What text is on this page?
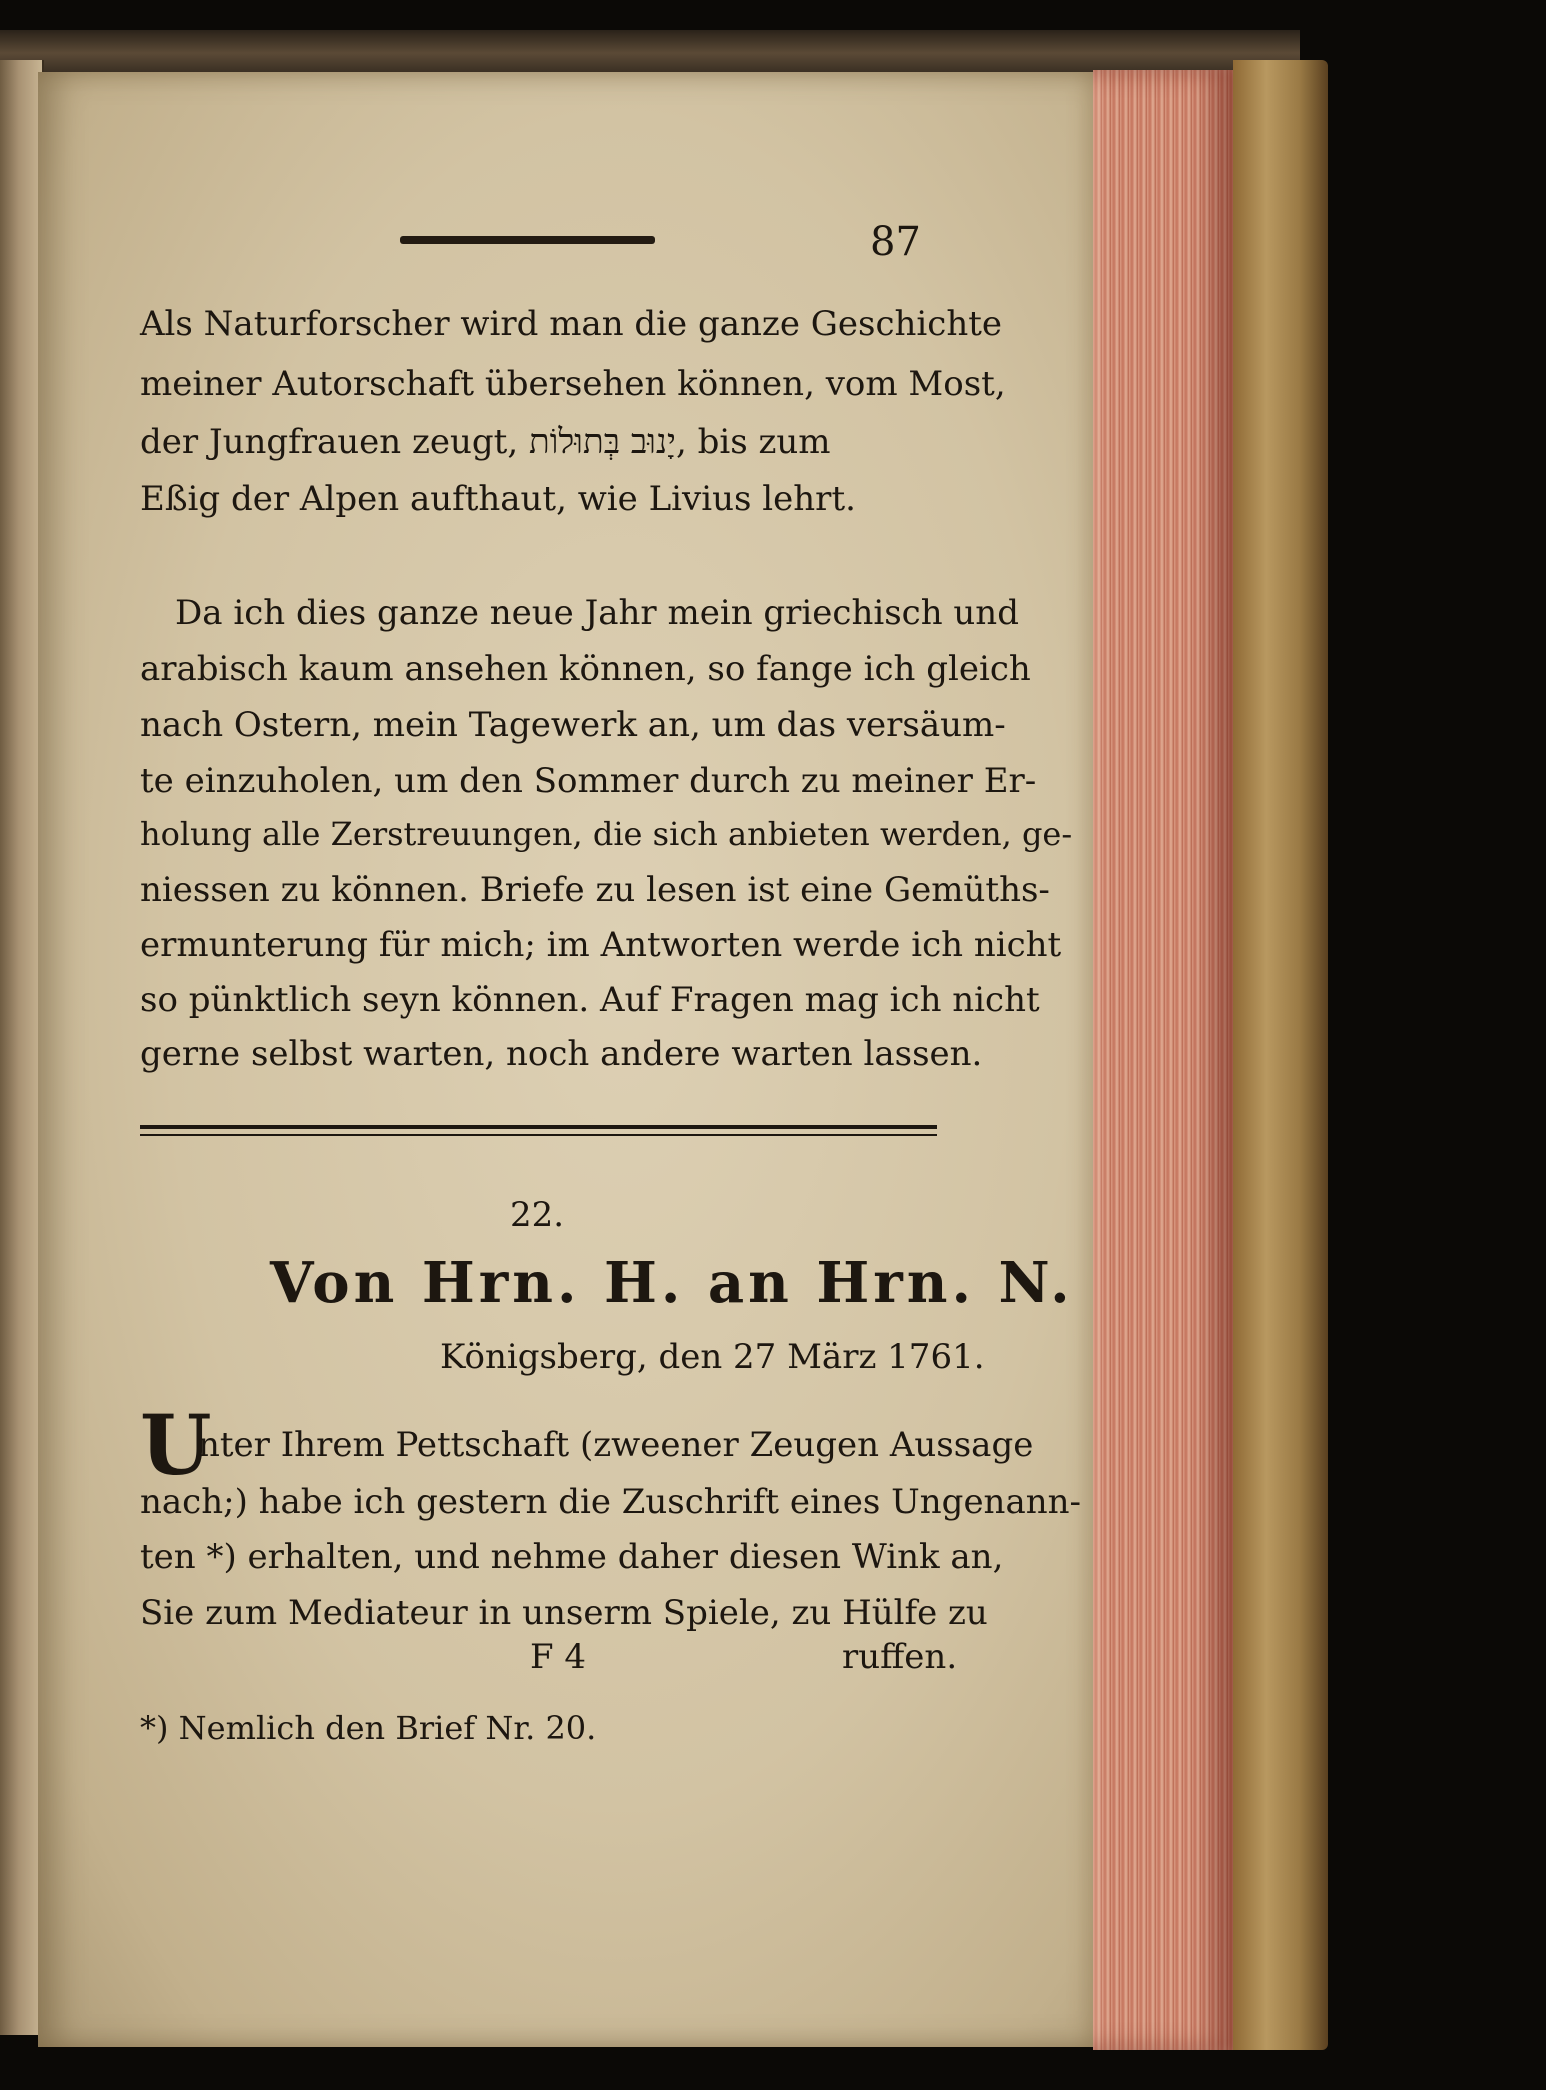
87
Als Naturforscher wird man die ganze Geschichte
meiner Autorschaft übersehen können, vom Most,
der Jungfrauen zeugt, יָנוּב בְּתוּלוֹת, bis zum
Eßig der Alpen aufthaut, wie Livius lehrt.
Da ich dies ganze neue Jahr mein griechisch und
arabisch kaum ansehen können, so fange ich gleich
nach Ostern, mein Tagewerk an, um das versäum-
te einzuholen, um den Sommer durch zu meiner Er-
holung alle Zerstreuungen, die sich anbieten werden, ge-
niessen zu können. Briefe zu lesen ist eine Gemüths-
ermunterung für mich; im Antworten werde ich nicht
so pünktlich seyn können. Auf Fragen mag ich nicht
gerne selbst warten, noch andere warten lassen.
22.
Von Hrn. H. an Hrn. N.
Königsberg, den 27 März 1761.
U
nter Ihrem Pettschaft (zweener Zeugen Aussage
nach;) habe ich gestern die Zuschrift eines Ungenann-
ten *) erhalten, und nehme daher diesen Wink an,
Sie zum Mediateur in unserm Spiele, zu Hülfe zu
F 4	ruffen.
*) Nemlich den Brief Nr. 20.
